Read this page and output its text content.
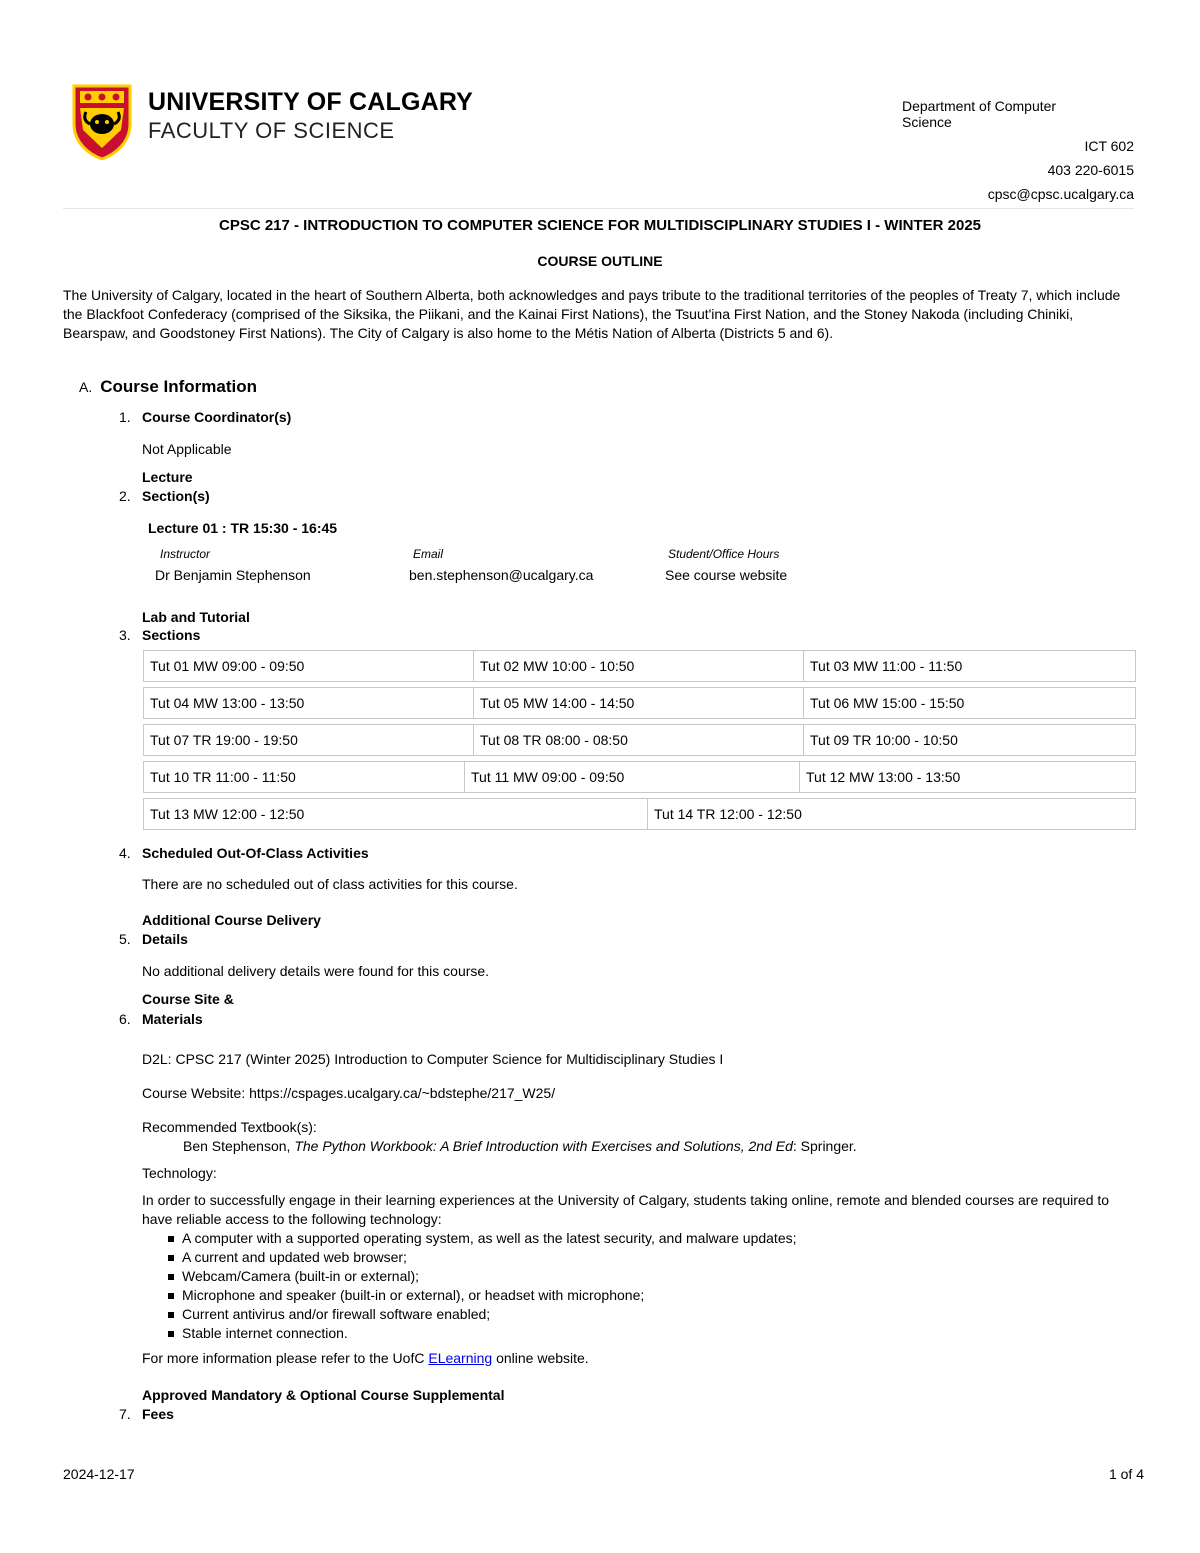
UNIVERSITY OF CALGARY
FACULTY OF SCIENCE
Department of Computer Science
ICT 602
403 220-6015
cpsc@cpsc.ucalgary.ca
CPSC 217 - INTRODUCTION TO COMPUTER SCIENCE FOR MULTIDISCIPLINARY STUDIES I - WINTER 2025
COURSE OUTLINE
The University of Calgary, located in the heart of Southern Alberta, both acknowledges and pays tribute to the traditional territories of the peoples of Treaty 7, which include the Blackfoot Confederacy (comprised of the Siksika, the Piikani, and the Kainai First Nations), the Tsuut'ina First Nation, and the Stoney Nakoda (including Chiniki, Bearspaw, and Goodstoney First Nations). The City of Calgary is also home to the Métis Nation of Alberta (Districts 5 and 6).
A. Course Information
1. Course Coordinator(s)
Not Applicable
Lecture
2. Section(s)
Lecture 01 : TR 15:30 - 16:45
Instructor	Email	Student/Office Hours
Dr Benjamin Stephenson	ben.stephenson@ucalgary.ca	See course website
Lab and Tutorial
3. Sections
Tut 01 MW 09:00 - 09:50	Tut 02 MW 10:00 - 10:50	Tut 03 MW 11:00 - 11:50
Tut 04 MW 13:00 - 13:50	Tut 05 MW 14:00 - 14:50	Tut 06 MW 15:00 - 15:50
Tut 07 TR 19:00 - 19:50	Tut 08 TR 08:00 - 08:50	Tut 09 TR 10:00 - 10:50
Tut 10 TR 11:00 - 11:50	Tut 11 MW 09:00 - 09:50	Tut 12 MW 13:00 - 13:50
Tut 13 MW 12:00 - 12:50	Tut 14 TR 12:00 - 12:50
4. Scheduled Out-Of-Class Activities
There are no scheduled out of class activities for this course.
Additional Course Delivery
5. Details
No additional delivery details were found for this course.
Course Site &
6. Materials
D2L: CPSC 217 (Winter 2025) Introduction to Computer Science for Multidisciplinary Studies I
Course Website: https://cspages.ucalgary.ca/~bdstephe/217_W25/
Recommended Textbook(s):
Ben Stephenson, The Python Workbook: A Brief Introduction with Exercises and Solutions, 2nd Ed: Springer.
Technology:
In order to successfully engage in their learning experiences at the University of Calgary, students taking online, remote and blended courses are required to have reliable access to the following technology:
A computer with a supported operating system, as well as the latest security, and malware updates;
A current and updated web browser;
Webcam/Camera (built-in or external);
Microphone and speaker (built-in or external), or headset with microphone;
Current antivirus and/or firewall software enabled;
Stable internet connection.
For more information please refer to the UofC ELearning online website.
Approved Mandatory & Optional Course Supplemental
7. Fees
2024-12-17	1 of 4
